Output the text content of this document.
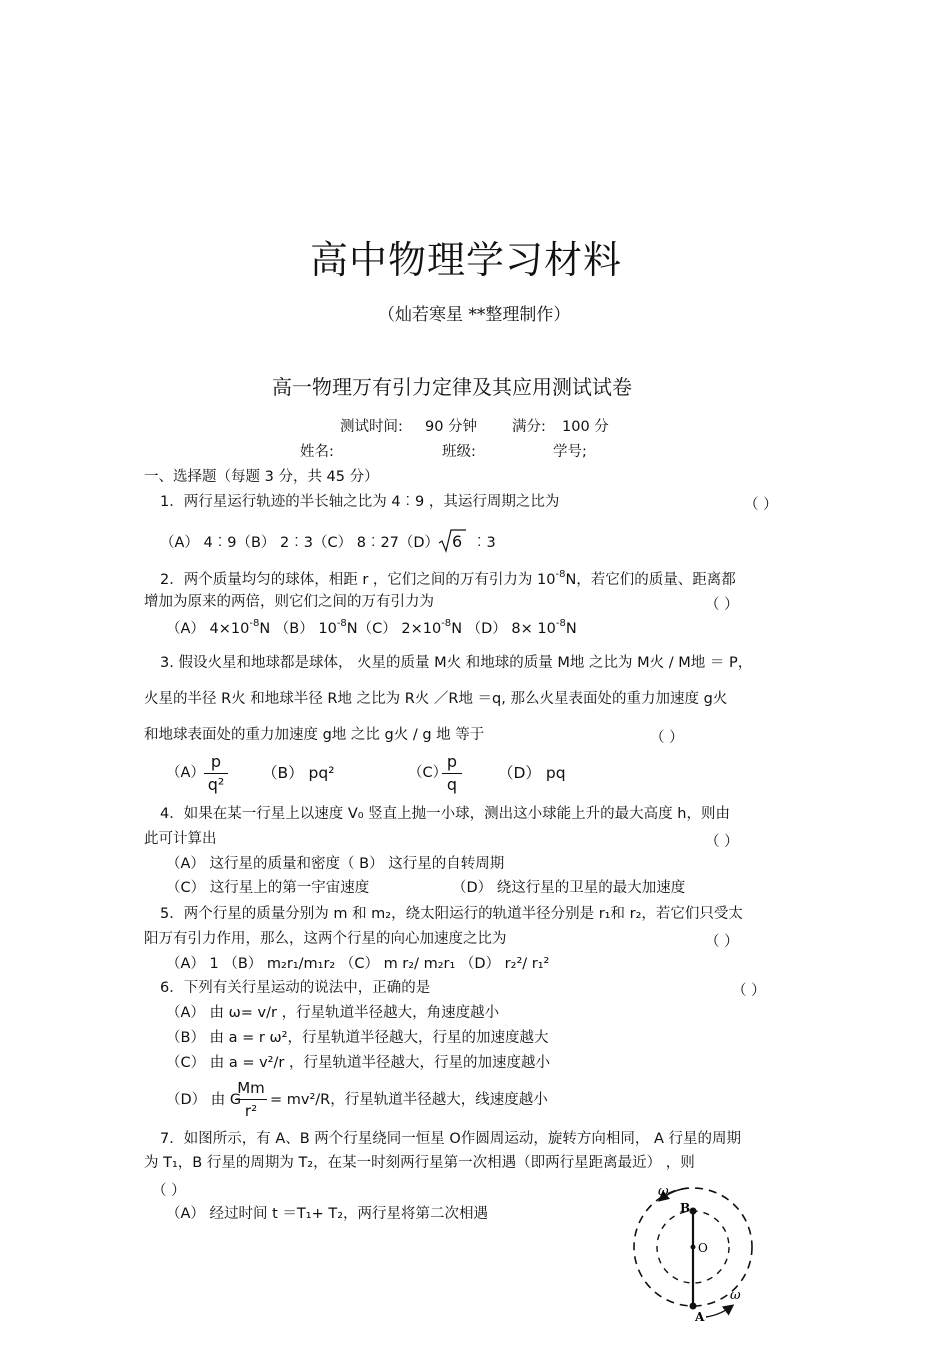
高中物理学习材料
（灿若寒星 **整理制作）
高一物理万有引力定律及其应用测试试卷
测试时间: 90 分钟 满分: 100 分
姓名:	班级:	学号;
一、选择题（每题 3 分，共 45 分）
1．两行星运行轨迹的半长轴之比为 4︰9 ，其运行周期之比为	（ ）
（A） 4︰9（B） 2︰3（C） 8︰27（D） 6 ︰3
2．两个质量均匀的球体，相距 r ，它们之间的万有引力为 $10^{-8}N$，若它们的质量、距离都
增加为原来的两倍，则它们之间的万有引力为	（ ）
（A） $4\times 10^{-8}N$ （B） $10^{-8}N(C)$ $2\times 10^{-8}N$ （D） $8\times 10^{-8}N$
3. 假设火星和地球都是球体， 火星的质量 M火 和地球的质量 M地 之比为 M火 / M地 ＝ P，
火星的半径 R火 和地球半径 R地 之比为 R火 ／R地 ＝q, 那么火星表面处的重力加速度 g火
和地球表面处的重力加速度 g地 之比 g火 / g 地 等于	（ ）
（A）
p
q²
（B） pq²	（C）
p
q
（D） pq
4．如果在某一行星上以速度 V₀ 竖直上抛一小球，测出这小球能上升的最大高度 h，则由
此可计算出	（ ）
（A） 这行星的质量和密度（ B） 这行星的自转周期
（C） 这行星上的第一宇宙速度	（D） 绕这行星的卫星的最大加速度
5．两个行星的质量分别为 m 和 m₂，绕太阳运行的轨道半径分别是 r₁和 r₂，若它们只受太
阳万有引力作用，那么，这两个行星的向心加速度之比为	（ ）
（A） 1 （B） m₂r₁/m₁r₂ （C） m r₂/ m₂r₁ （D） r₂²/ r₁²
6．下列有关行星运动的说法中，正确的是	（ ）
（A） 由 ω= v/r ，行星轨道半径越大，角速度越小
（B） 由 a = r ω²，行星轨道半径越大，行星的加速度越大
（C） 由 a = v²/r ，行星轨道半径越大，行星的加速度越小
（D） 由 G
Mm
r²
= mv²/R，行星轨道半径越大，线速度越小
7．如图所示，有 A、B 两个行星绕同一恒星 O作圆周运动，旋转方向相同， A 行星的周期
为 T₁，B 行星的周期为 T₂，在某一时刻两行星第一次相遇（即两行星距离最近） ，则
（ ）
（A） 经过时间 t ＝T₁+ T₂，两行星将第二次相遇	B
O
A
ω
ω
